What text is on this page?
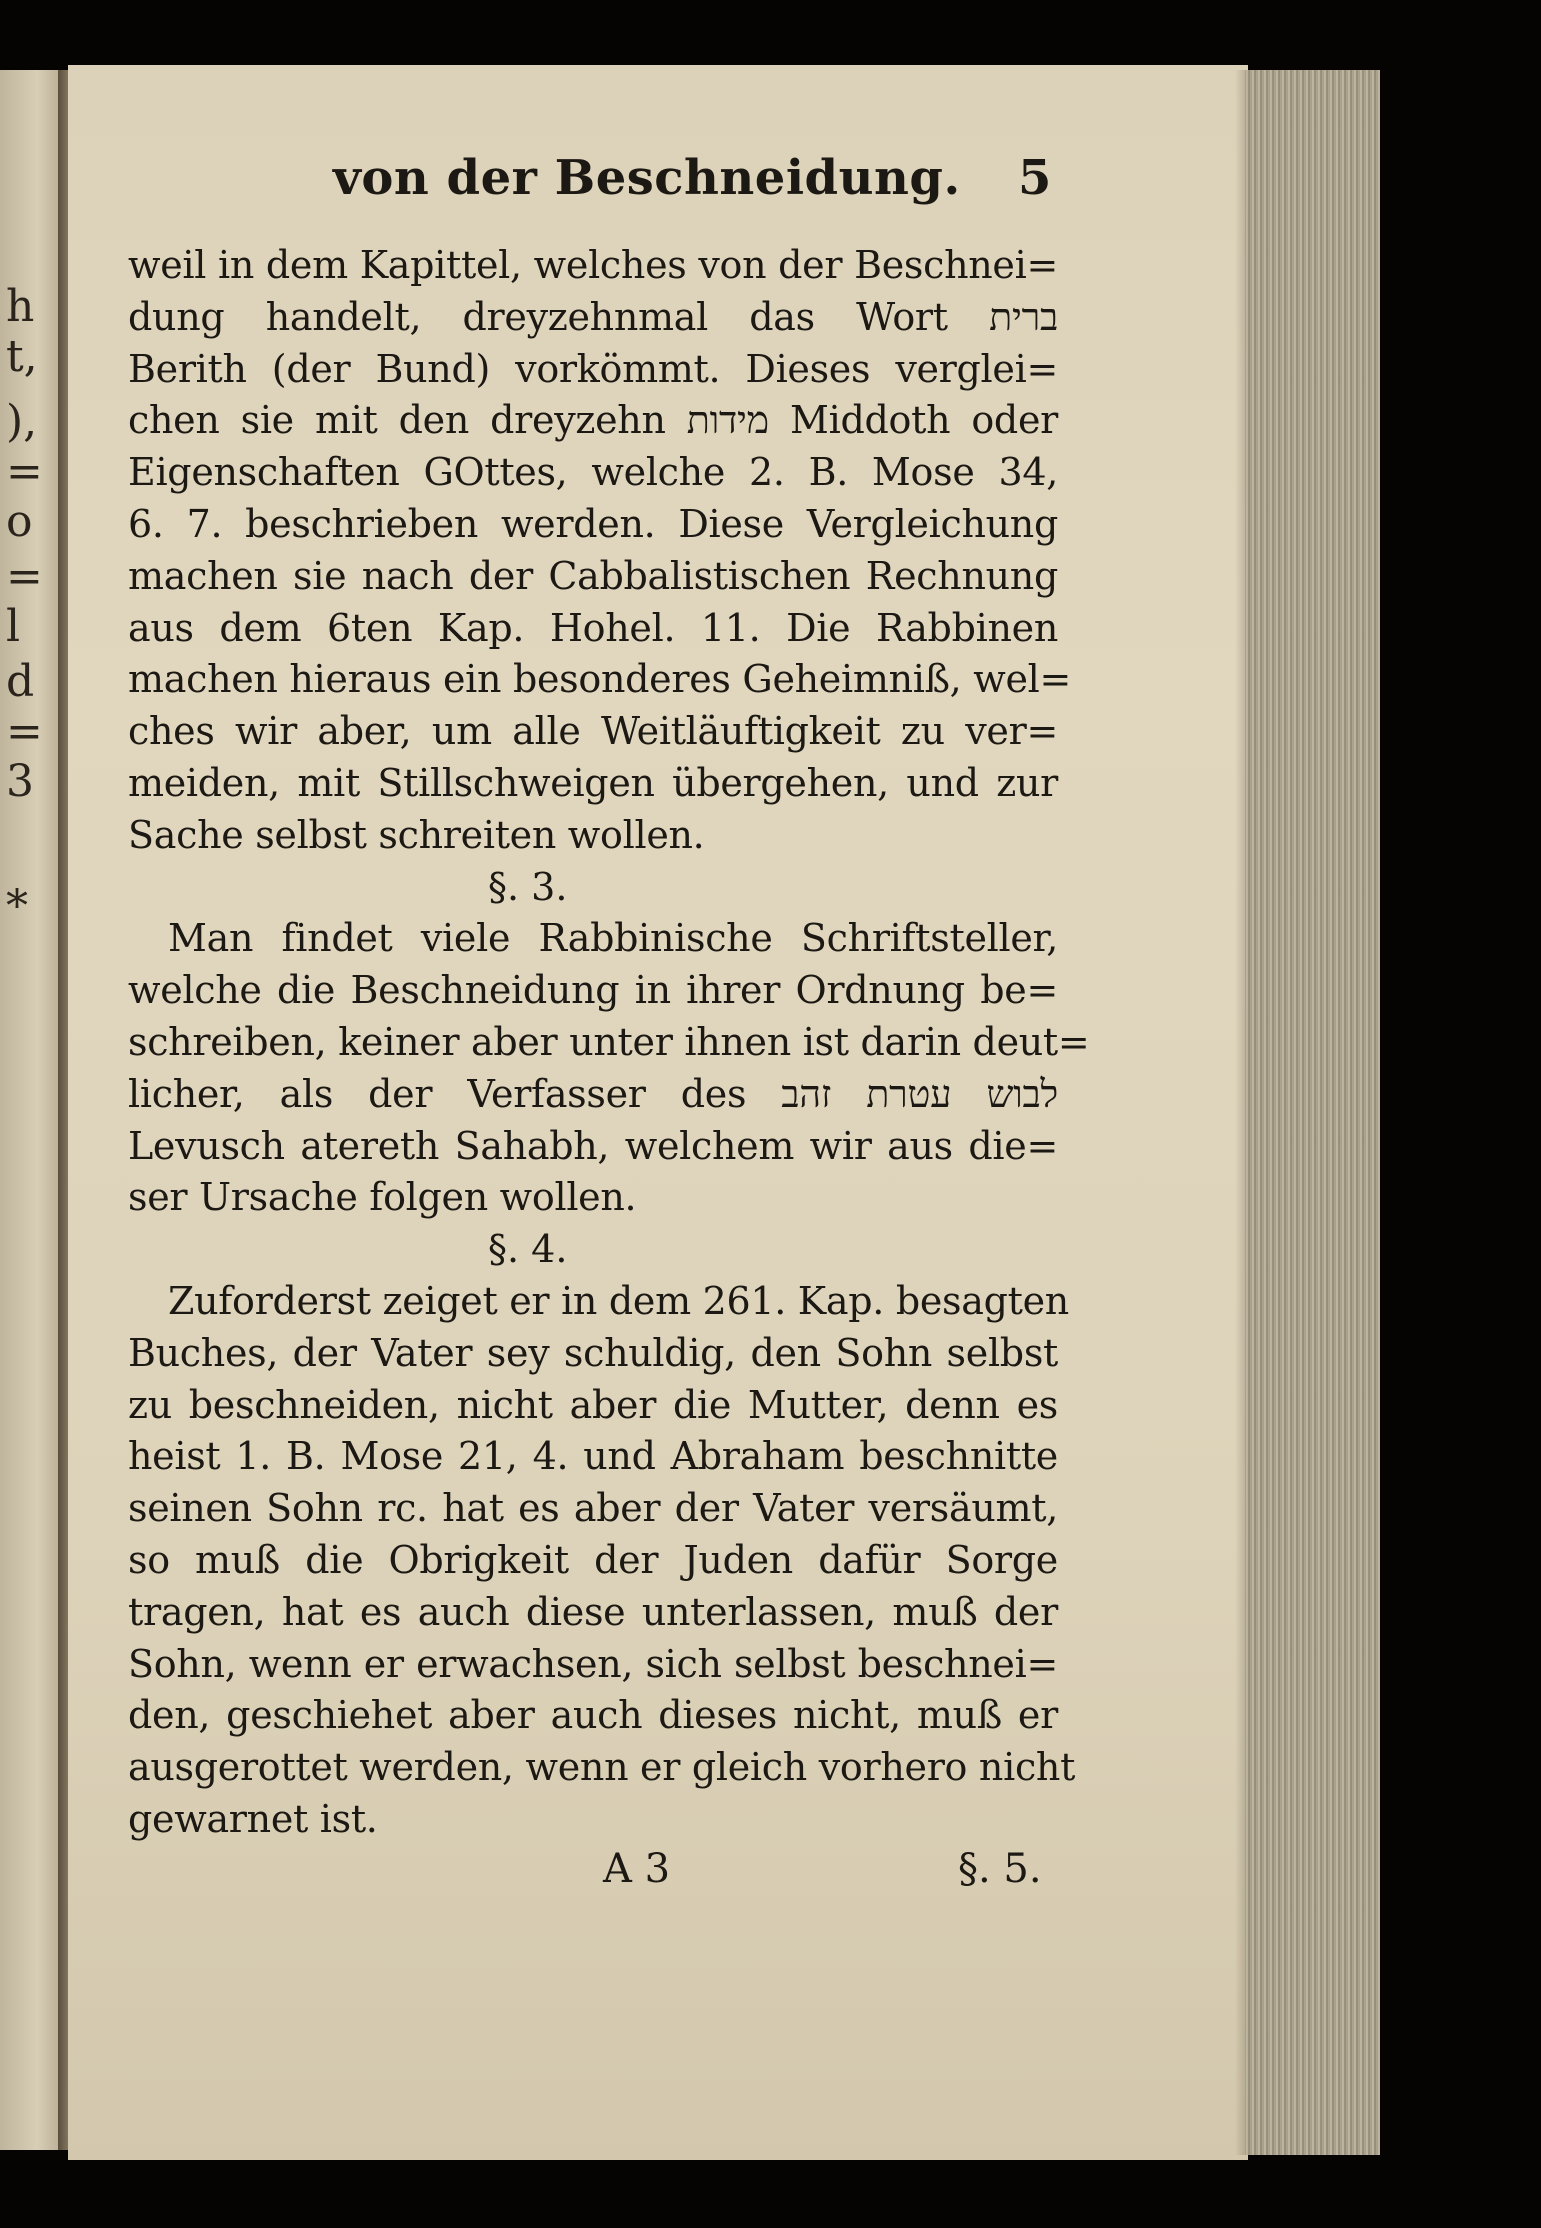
h
t,
),
=
o
=
l
d
=
3
*
von der Beschneidung. 5
weil in dem Kapittel, welches von der Beschnei=
dung handelt, dreyzehnmal das Wort ברית
Berith (der Bund) vorkömmt. Dieses verglei=
chen sie mit den dreyzehn מידות Middoth oder
Eigenschaften GOttes, welche 2. B. Mose 34,
6. 7. beschrieben werden. Diese Vergleichung
machen sie nach der Cabbalistischen Rechnung
aus dem 6ten Kap. Hohel. 11. Die Rabbinen
machen hieraus ein besonderes Geheimniß, wel=
ches wir aber, um alle Weitläuftigkeit zu ver=
meiden, mit Stillschweigen übergehen, und zur
Sache selbst schreiten wollen.
§. 3.
Man findet viele Rabbinische Schriftsteller,
welche die Beschneidung in ihrer Ordnung be=
schreiben, keiner aber unter ihnen ist darin deut=
licher, als der Verfasser des לבוש עטרת זהב
Levusch atereth Sahabh, welchem wir aus die=
ser Ursache folgen wollen.
§. 4.
Zuforderst zeiget er in dem 261. Kap. besagten
Buches, der Vater sey schuldig, den Sohn selbst
zu beschneiden, nicht aber die Mutter, denn es
heist 1. B. Mose 21, 4. und Abraham beschnitte
seinen Sohn rc. hat es aber der Vater versäumt,
so muß die Obrigkeit der Juden dafür Sorge
tragen, hat es auch diese unterlassen, muß der
Sohn, wenn er erwachsen, sich selbst beschnei=
den, geschiehet aber auch dieses nicht, muß er
ausgerottet werden, wenn er gleich vorhero nicht
gewarnet ist.
A 3	§. 5.
